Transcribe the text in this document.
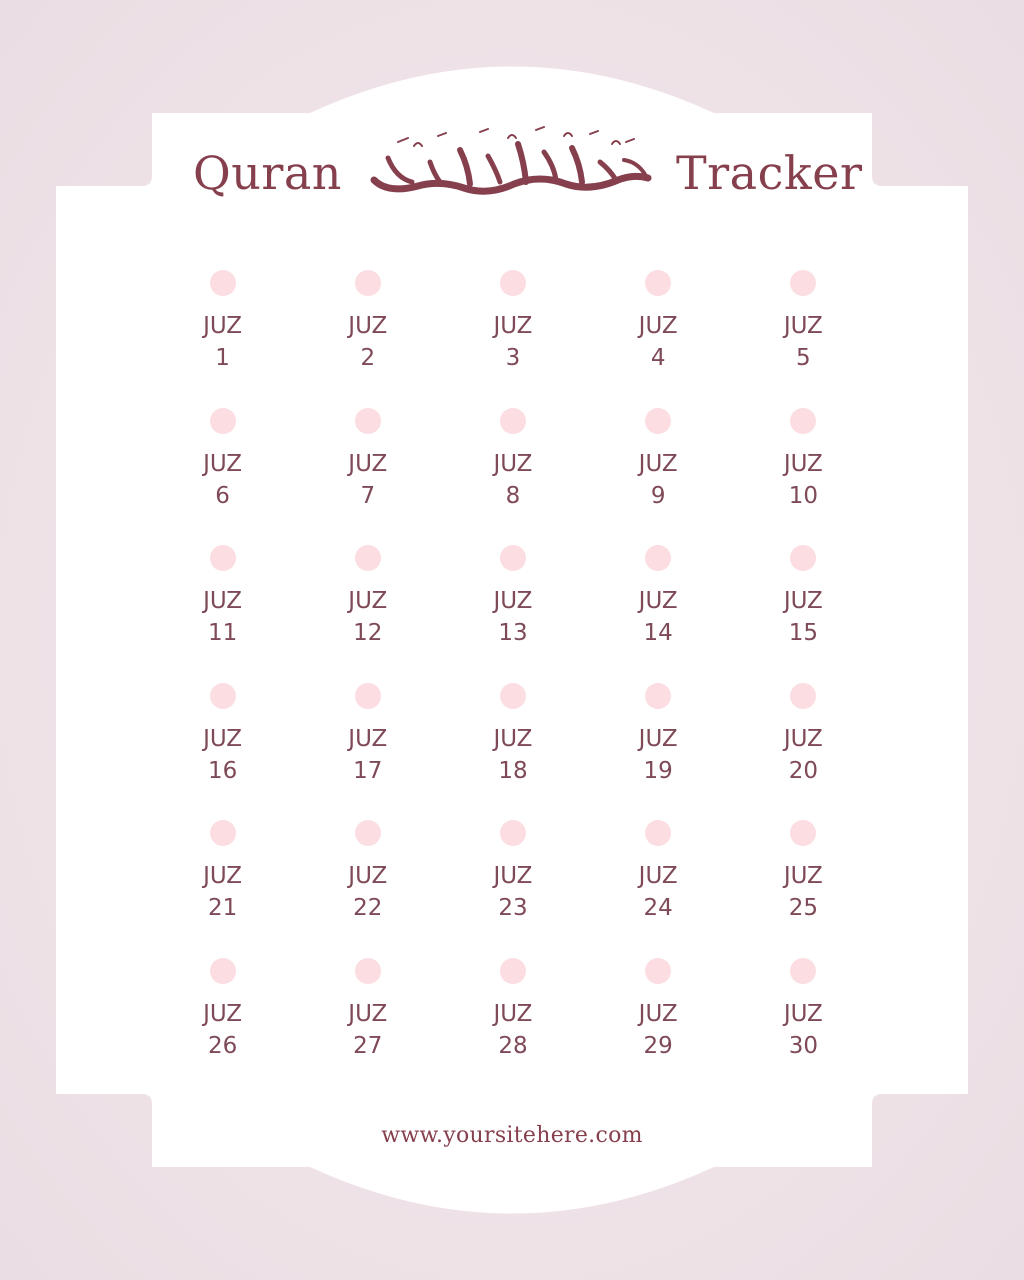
Quran	Tracker
JUZ
1
JUZ
2
JUZ
3
JUZ
4
JUZ
5
JUZ
6
JUZ
7
JUZ
8
JUZ
9
JUZ
10
JUZ
11
JUZ
12
JUZ
13
JUZ
14
JUZ
15
JUZ
16
JUZ
17
JUZ
18
JUZ
19
JUZ
20
JUZ
21
JUZ
22
JUZ
23
JUZ
24
JUZ
25
JUZ
26
JUZ
27
JUZ
28
JUZ
29
JUZ
30
www.yoursitehere.com
